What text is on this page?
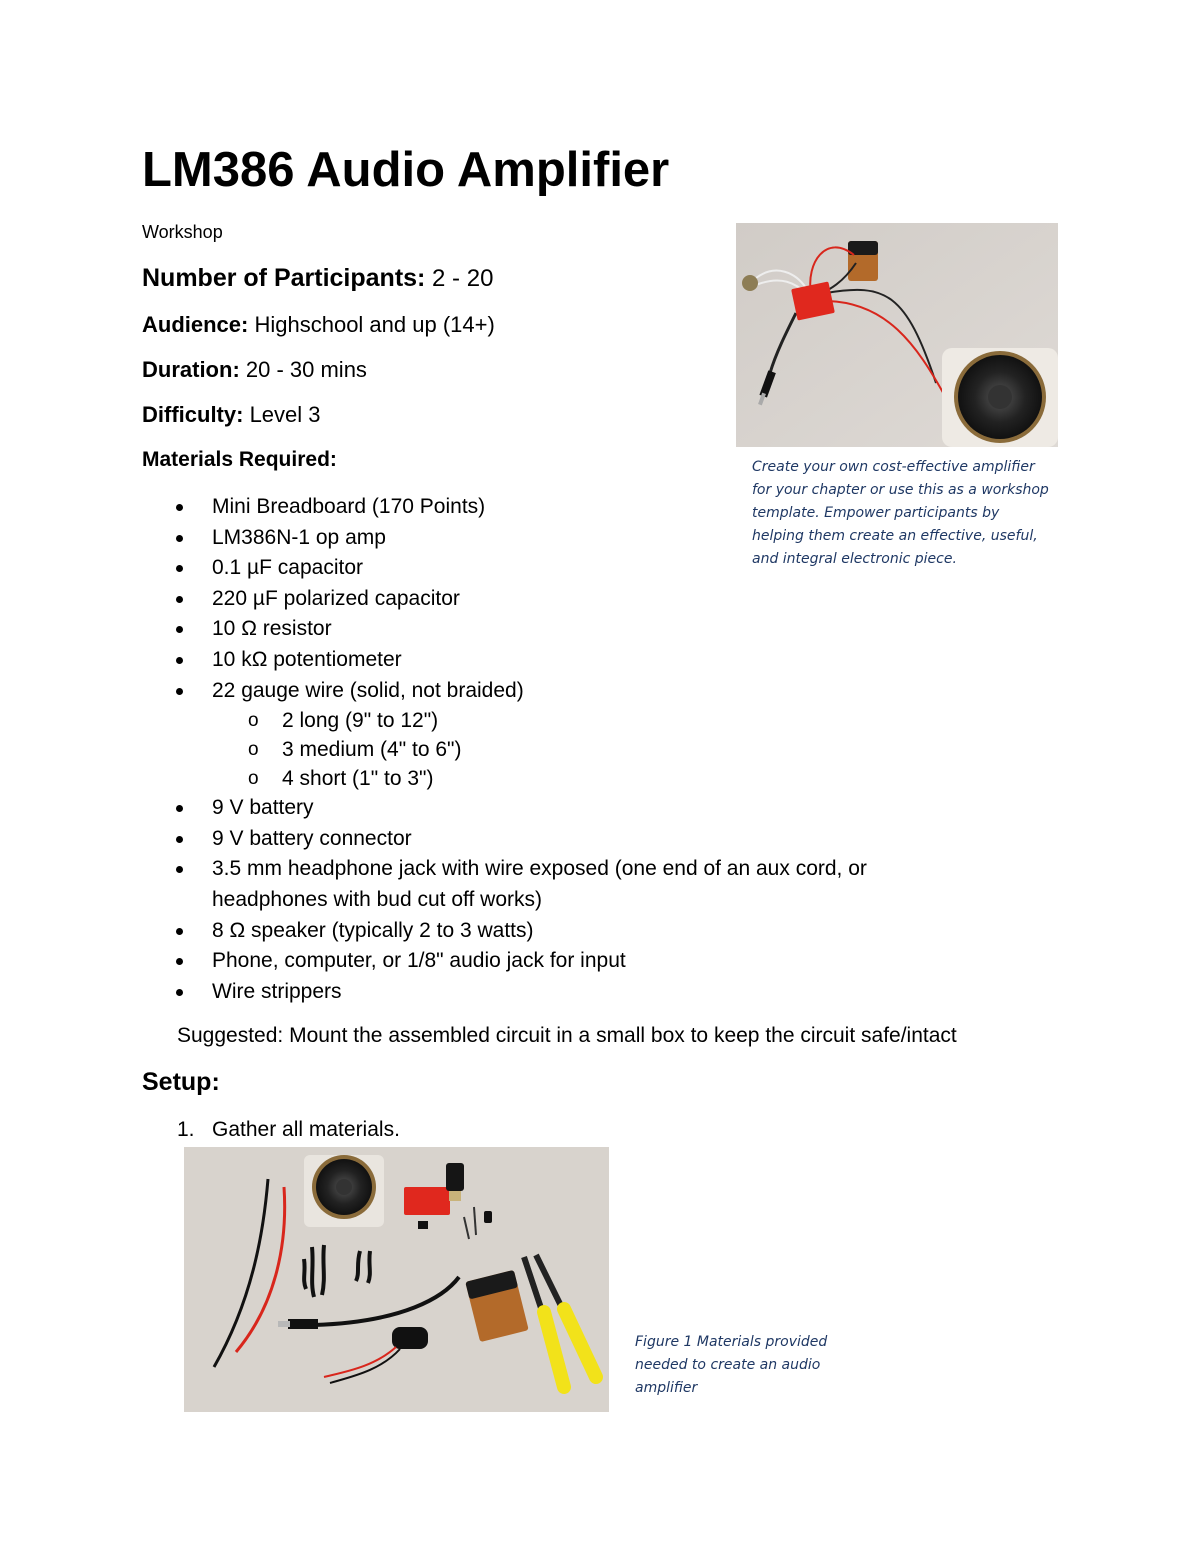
LM386 Audio Amplifier
Workshop
Number of Participants: 2 - 20
Audience: Highschool and up (14+)
Duration: 20 - 30 mins
Difficulty: Level 3
Materials Required:
Mini Breadboard (170 Points)
LM386N-1 op amp
0.1 µF capacitor
220 µF polarized capacitor
10 Ω resistor
10 kΩ potentiometer
22 gauge wire (solid, not braided)
o 2 long (9" to 12")
o 3 medium (4" to 6")
o 4 short (1" to 3")
9 V battery
9 V battery connector
3.5 mm headphone jack with wire exposed (one end of an aux cord, or headphones with bud cut off works)
8 Ω speaker (typically 2 to 3 watts)
Phone, computer, or 1/8" audio jack for input
Wire strippers
Suggested: Mount the assembled circuit in a small box to keep the circuit safe/intact
Setup:
1. Gather all materials.
Create your own cost-effective amplifier for your chapter or use this as a workshop template. Empower participants by helping them create an effective, useful, and integral electronic piece.
Figure 1 Materials provided needed to create an audio amplifier
